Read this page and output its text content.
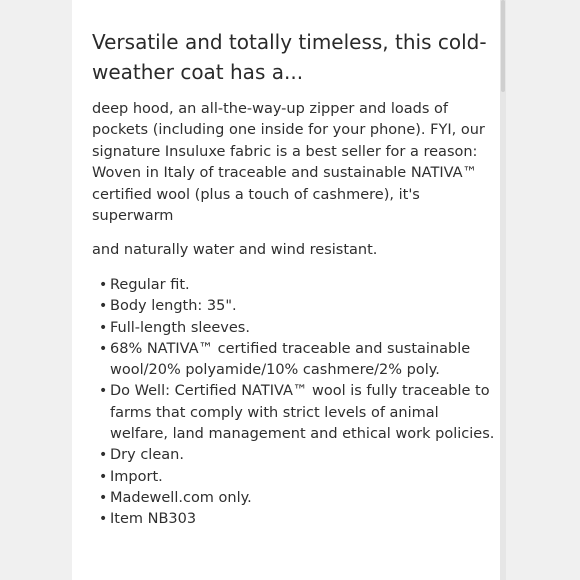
Versatile and totally timeless, this cold-weather coat has a...

deep hood, an all-the-way-up zipper and loads of pockets (including one inside for your phone). FYI, our signature Insuluxe fabric is a best seller for a reason: Woven in Italy of traceable and sustainable NATIVA™ certified wool (plus a touch of cashmere), it's superwarm

and naturally water and wind resistant.

• Regular fit.
• Body length: 35".
• Full-length sleeves.
• 68% NATIVA™ certified traceable and sustainable wool/20% polyamide/10% cashmere/2% poly.
• Do Well: Certified NATIVA™ wool is fully traceable to farms that comply with strict levels of animal welfare, land management and ethical work policies.
• Dry clean.
• Import.
• Madewell.com only.
• Item NB303
